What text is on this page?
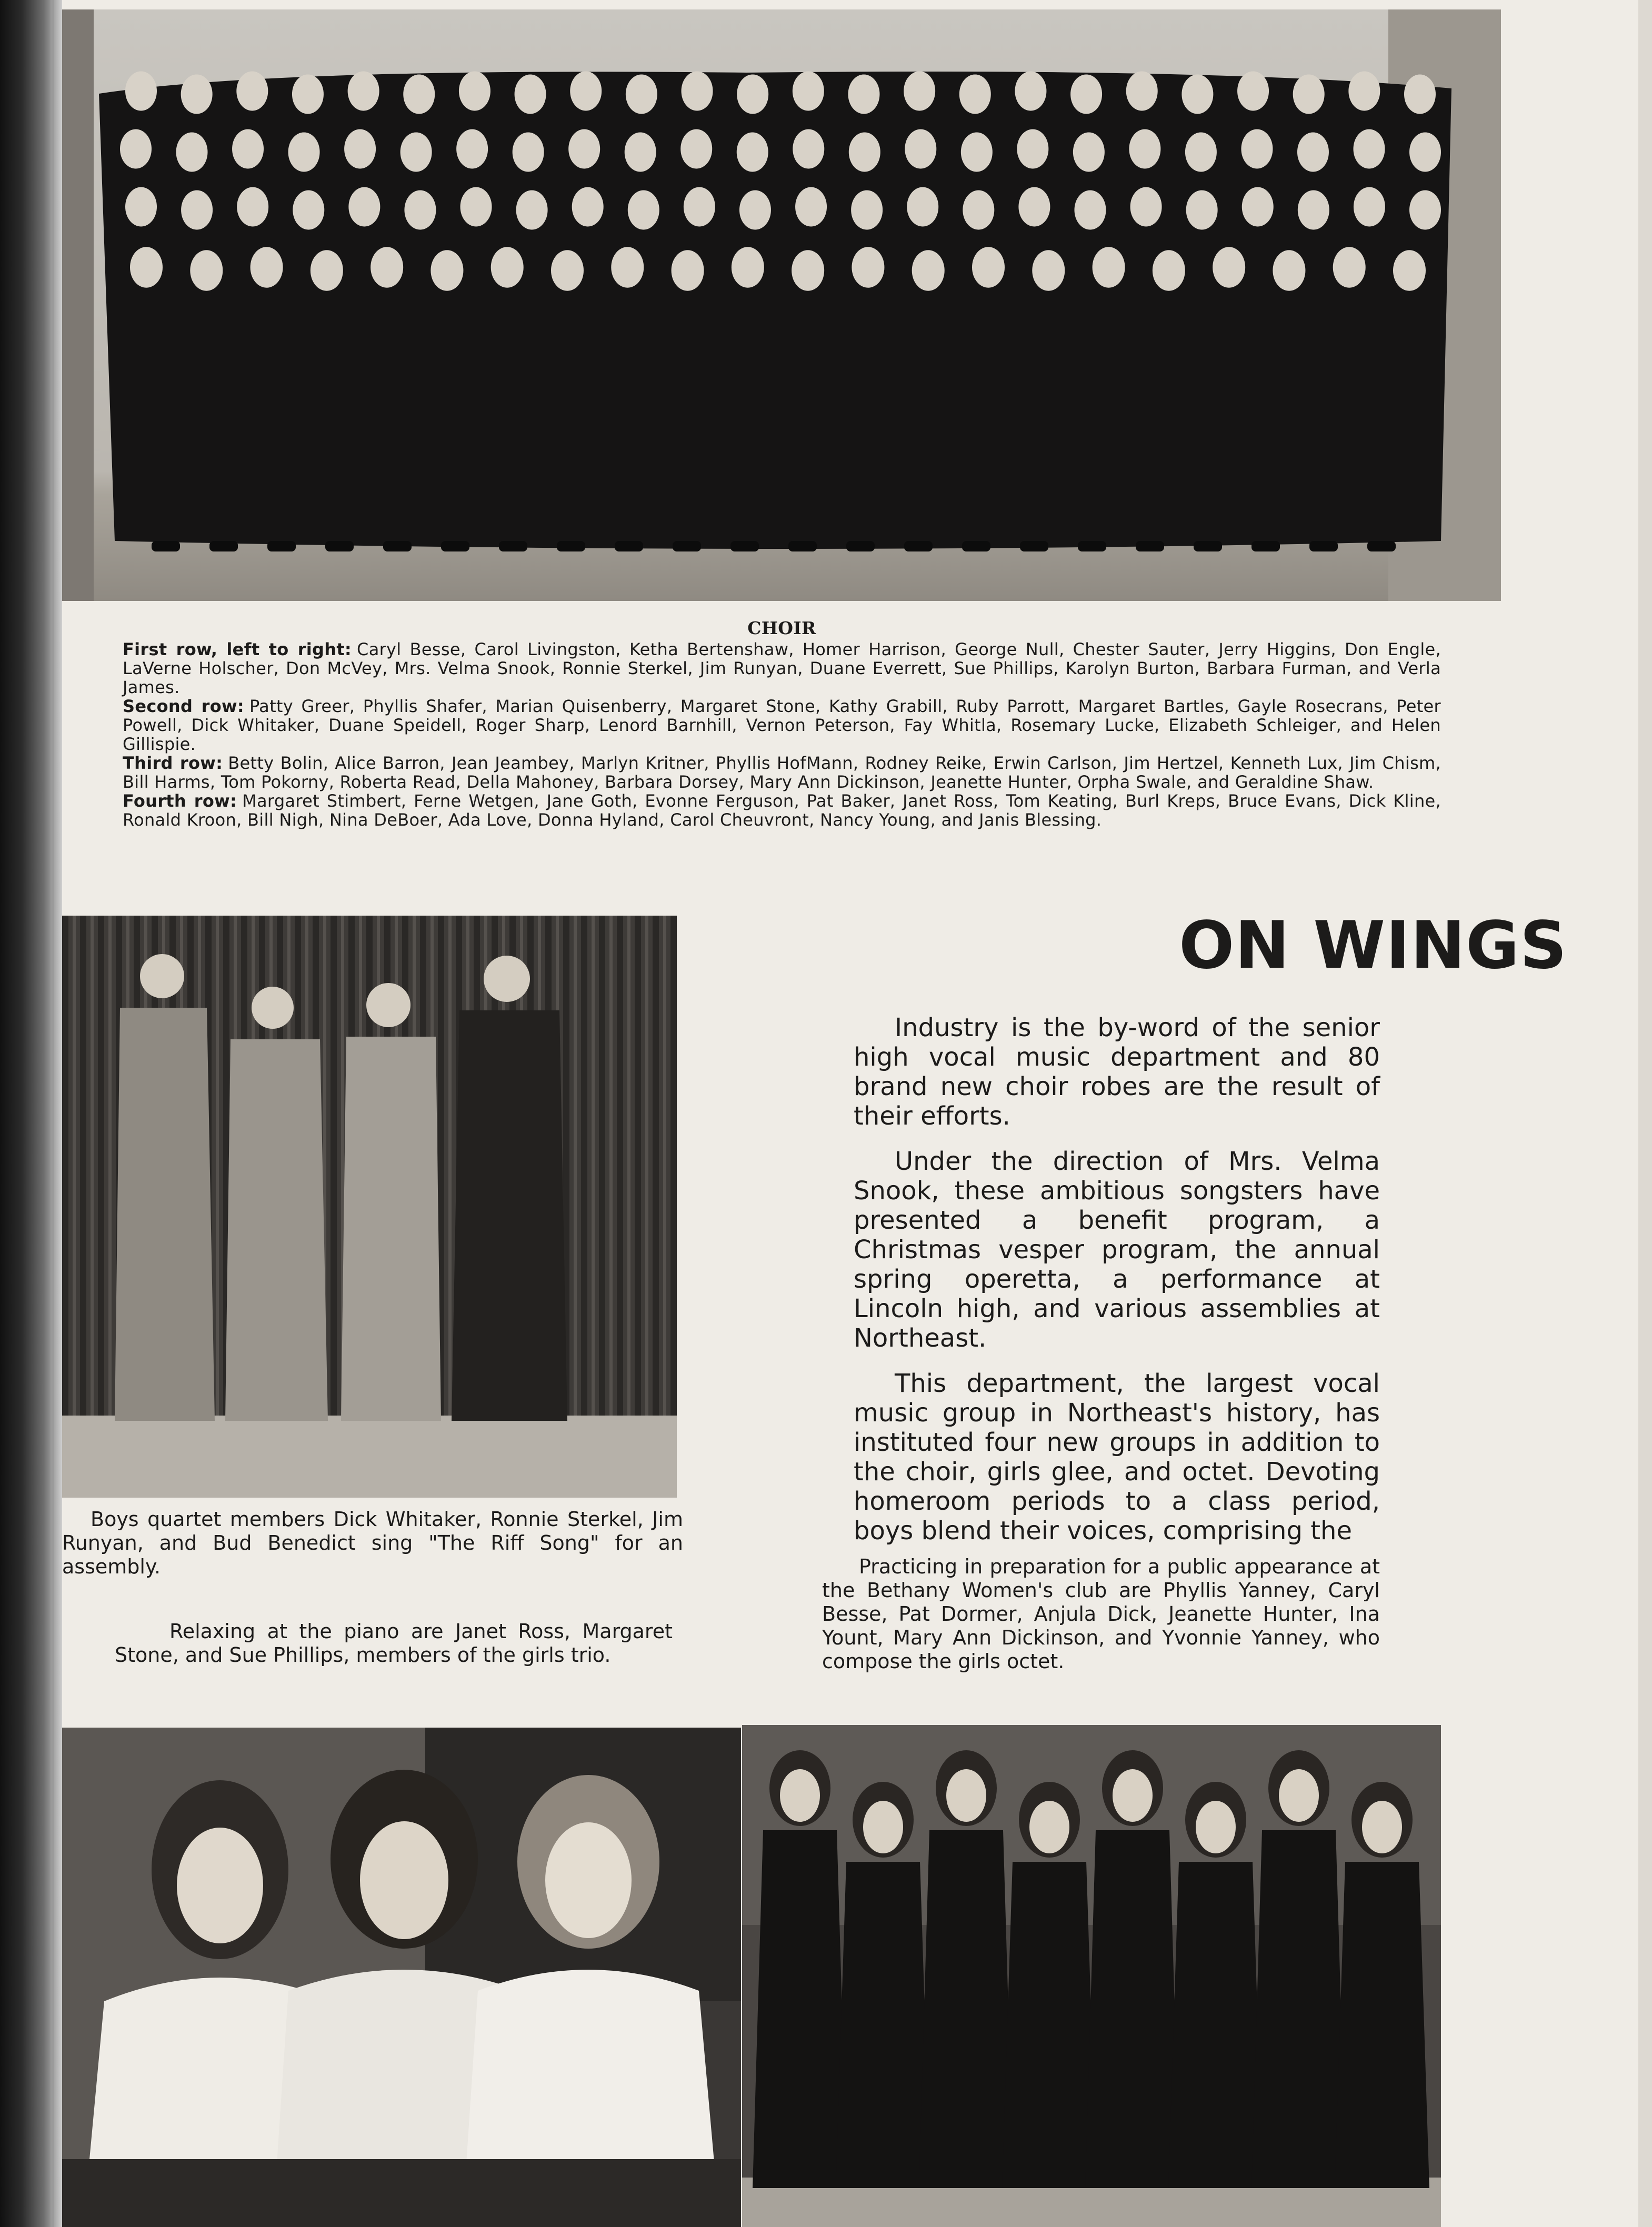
CHOIR

First row, left to right: Caryl Besse, Carol Livingston, Ketha Bertenshaw, Homer Harrison, George Null, Chester Sauter, Jerry Higgins, Don Engle, LaVerne Holscher, Don McVey, Mrs. Velma Snook, Ronnie Sterkel, Jim Runyan, Duane Everrett, Sue Phillips, Karolyn Burton, Barbara Furman, and Verla James.

Second row: Patty Greer, Phyllis Shafer, Marian Quisenberry, Margaret Stone, Kathy Grabill, Ruby Parrott, Margaret Bartles, Gayle Rosecrans, Peter Powell, Dick Whitaker, Duane Speidell, Roger Sharp, Lenord Barnhill, Vernon Peterson, Fay Whitla, Rosemary Lucke, Elizabeth Schleiger, and Helen Gillispie.

Third row: Betty Bolin, Alice Barron, Jean Jeambey, Marlyn Kritner, Phyllis HofMann, Rodney Reike, Erwin Carlson, Jim Hertzel, Kenneth Lux, Jim Chism, Bill Harms, Tom Pokorny, Roberta Read, Della Mahoney, Barbara Dorsey, Mary Ann Dickinson, Jeanette Hunter, Orpha Swale, and Geraldine Shaw.

Fourth row: Margaret Stimbert, Ferne Wetgen, Jane Goth, Evonne Ferguson, Pat Baker, Janet Ross, Tom Keating, Burl Kreps, Bruce Evans, Dick Kline, Ronald Kroon, Bill Nigh, Nina DeBoer, Ada Love, Donna Hyland, Carol Cheuvront, Nancy Young, and Janis Blessing.

Boys quartet members Dick Whitaker, Ronnie Sterkel, Jim Runyan, and Bud Benedict sing "The Riff Song" for an assembly.
Relaxing at the piano are Janet Ross, Margaret Stone, and Sue Phillips, members of the girls trio.
ON WINGS

Industry is the by-word of the senior high vocal music department and 80 brand new choir robes are the result of their efforts.

Under the direction of Mrs. Velma Snook, these ambitious songsters have presented a benefit program, a Christmas vesper program, the annual spring operetta, a performance at Lincoln high, and various assemblies at Northeast.

This department, the largest vocal music group in Northeast's history, has instituted four new groups in addition to the choir, girls glee, and octet. Devoting homeroom periods to a class period, boys blend their voices, comprising the

Practicing in preparation for a public appearance at the Bethany Women's club are Phyllis Yanney, Caryl Besse, Pat Dormer, Anjula Dick, Jeanette Hunter, Ina Yount, Mary Ann Dickinson, and Yvonnie Yanney, who compose the girls octet.
